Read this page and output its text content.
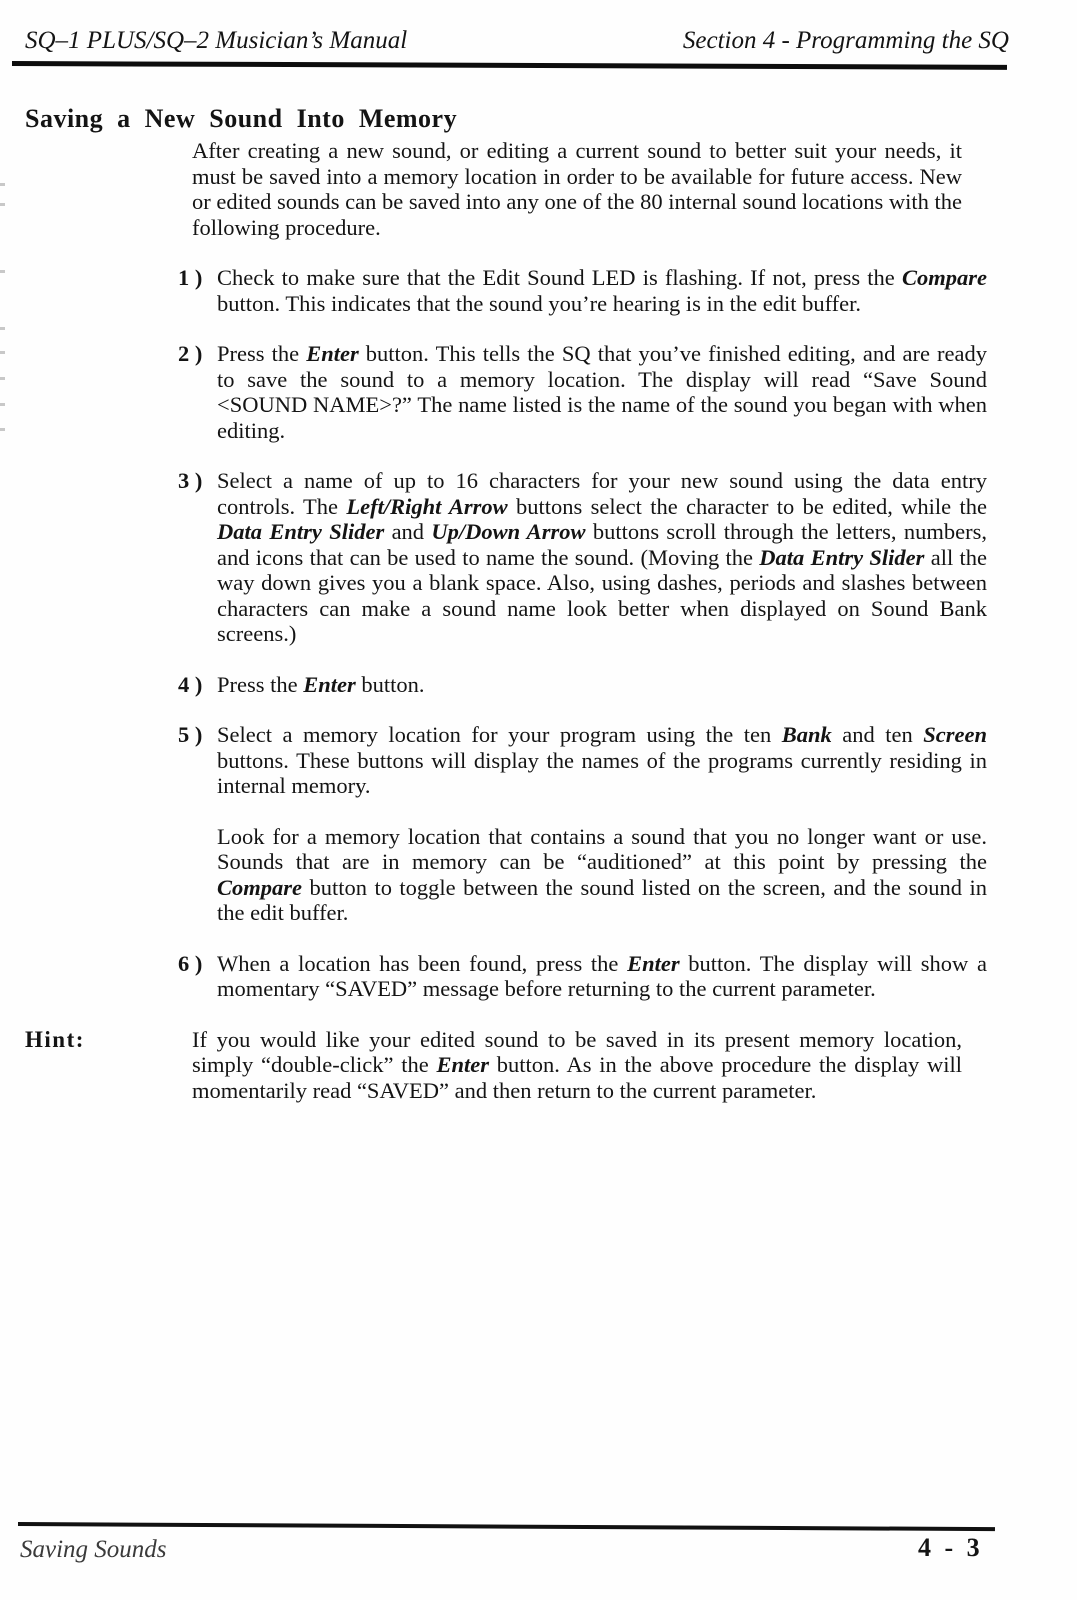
SQ–1 PLUS/SQ–2 Musician’s Manual	Section 4 - Programming the SQ
Saving a New Sound Into Memory

After creating a new sound, or editing a current sound to better suit your needs, it must be saved into a memory location in order to be available for future access. New or edited sounds can be saved into any one of the 80 internal sound locations with the following procedure.

1 ) Check to make sure that the Edit Sound LED is flashing. If not, press the Compare button. This indicates that the sound you’re hearing is in the edit buffer.
2 ) Press the Enter button. This tells the SQ that you’ve finished editing, and are ready to save the sound to a memory location. The display will read “Save Sound <SOUND NAME>?” The name listed is the name of the sound you began with when editing.
3 ) Select a name of up to 16 characters for your new sound using the data entry controls. The Left/Right Arrow buttons select the character to be edited, while the Data Entry Slider and Up/Down Arrow buttons scroll through the letters, numbers, and icons that can be used to name the sound. (Moving the Data Entry Slider all the way down gives you a blank space. Also, using dashes, periods and slashes between characters can make a sound name look better when displayed on Sound Bank screens.)
4 ) Press the Enter button.
5 ) Select a memory location for your program using the ten Bank and ten Screen buttons. These buttons will display the names of the programs currently residing in internal memory.
Look for a memory location that contains a sound that you no longer want or use. Sounds that are in memory can be “auditioned” at this point by pressing the Compare button to toggle between the sound listed on the screen, and the sound in the edit buffer.
6 ) When a location has been found, press the Enter button. The display will show a momentary “SAVED” message before returning to the current parameter.
Hint:	If you would like your edited sound to be saved in its present memory location, simply “double-click” the Enter button. As in the above procedure the display will momentarily read “SAVED” and then return to the current parameter.
Saving Sounds	4 - 3
